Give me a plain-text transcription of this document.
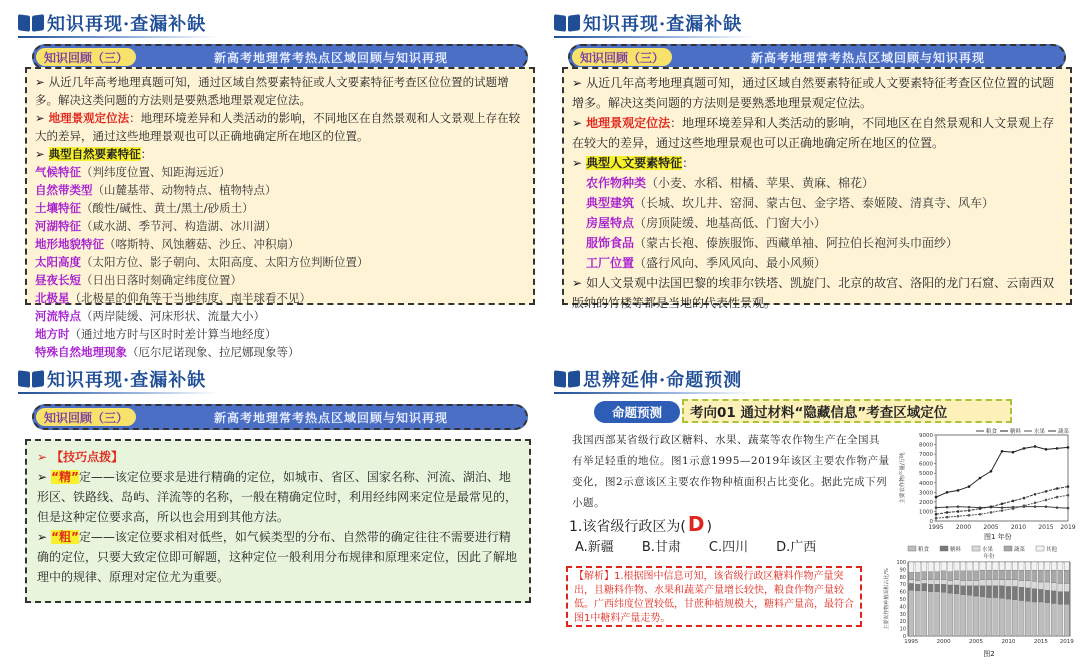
知识再现·查漏补缺
知识回顾（三）	新高考地理常考热点区域回顾与知识再现

➢ 从近几年高考地理真题可知，通过区域自然要素特征或人文要素特征考查区位位置的试题增多。解决这类问题的方法则是要熟悉地理景观定位法。

➢ 地理景观定位法：地理环境差异和人类活动的影响，不同地区在自然景观和人文景观上存在较大的差异，通过这些地理景观也可以正确地确定所在地区的位置。

➢ 典型自然要素特征：

气候特征（判纬度位置、知距海远近）

自然带类型（山麓基带、动物特点、植物特点）

土壤特征（酸性/碱性、黄土/黑土/砂质土）

河湖特征（咸水湖、季节河、构造湖、冰川湖）

地形地貌特征（喀斯特、风蚀蘑菇、沙丘、冲积扇）

太阳高度（太阳方位、影子朝向、太阳高度、太阳方位判断位置）

昼夜长短（日出日落时刻确定纬度位置）

北极星（北极星的仰角等于当地纬度、南半球看不见）

河流特点（两岸陡缓、河床形状、流量大小）

地方时（通过地方时与区时时差计算当地经度）

特殊自然地理现象（厄尔尼诺现象、拉尼娜现象等）

知识再现·查漏补缺
知识回顾（三）	新高考地理常考热点区域回顾与知识再现

➢ 从近几年高考地理真题可知，通过区域自然要素特征或人文要素特征考查区位位置的试题增多。解决这类问题的方法则是要熟悉地理景观定位法。

➢ 地理景观定位法：地理环境差异和人类活动的影响，不同地区在自然景观和人文景观上存在较大的差异，通过这些地理景观也可以正确地确定所在地区的位置。

➢ 典型人文要素特征：

农作物种类（小麦、水稻、柑橘、苹果、黄麻、棉花）

典型建筑（长城、坎儿井、窑洞、蒙古包、金字塔、泰姬陵、清真寺、风车）

房屋特点（房顶陡缓、地基高低、门窗大小）

服饰食品（蒙古长袍、傣族服饰、西藏单袖、阿拉伯长袍河头巾面纱）

工厂位置（盛行风向、季风风向、最小风频）

➢ 如人文景观中法国巴黎的埃菲尔铁塔、凯旋门、北京的故宫、洛阳的龙门石窟、云南西双版纳的竹楼等都是当地的代表性景观。

知识再现·查漏补缺
知识回顾（三）	新高考地理常考热点区域回顾与知识再现

➢ 【技巧点拨】

➢ “精”定——该定位要求是进行精确的定位，如城市、省区、国家名称、河流、湖泊、地形区、铁路线、岛屿、洋流等的名称，一般在精确定位时，利用经纬网来定位是最常见的，但是这种定位要求高，所以也会用到其他方法。

➢ “粗”定——该定位要求相对低些，如气候类型的分布、自然带的确定往往不需要进行精确的定位，只要大致定位即可解题，这种定位一般利用分布规律和原理来定位，因此了解地理中的规律、原理对定位尤为重要。

思辨延伸·命题预测
命题预测	考向01 通过材料“隐藏信息”考查区域定位
我国西部某省级行政区糖料、水果、蔬菜等农作物生产在全国具有举足轻重的地位。图1示意1995—2019年该区主要农作物产量变化，图2示意该区主要农作物种植面积占比变化。据此完成下列小题。
1.该省级行政区为( D )
A.新疆 B.甘肃 C.四川 D.广西
【解析】1.根据图中信息可知，该省级行政区糖料作物产量突出，且糖料作物、水果和蔬菜产量增长较快，粮食作物产量较低。广西纬度位置较低，甘蔗种植规模大，糖料产量高，最符合图1中糖料产量走势。
0
1000
2000
3000
4000
5000
6000
7000
8000
9000
1995 2000 2005 2010 2015 2019
主要农作物产量/万吨
粮食 糖料 水果 蔬菜
图1 年份
0
10
20
30
40
50
60
70
80
90
100
1995	2000	2005	2010	2015 2019
主要农作物种植面积占比/%
年份
粮食	糖料	水果	蔬菜	其他
图2
